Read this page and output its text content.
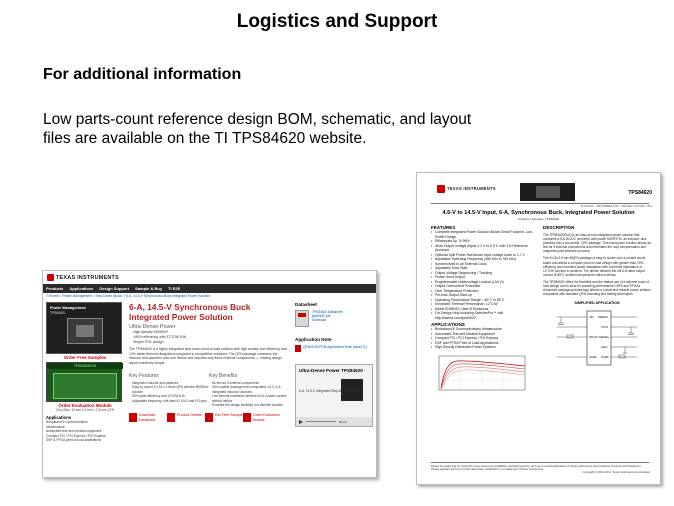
Logistics and Support
For additional information
Low parts-count reference design BOM, schematic, and layout files are available on the TI TPS84620 website.
TEXAS INSTRUMENTS
Products Applications Design Support Sample & Buy TI E2E
TI Home > Power Management > Step-Down (Buck) > 6-A, 14.5-V Synchronous Buck Integrated Power Solution
Power Management
TPS84620
Order Free Samples
TPS84620EVM
Order Evaluation Module
Chip Size: 15 mm x 9 mm x 2.8 mm QFN
Applications
Broadband & Communication
Infrastructure
Automated test and medical equipment
Compact PCI / PCI Express / PXI Express
DSP & FPGA point-of-load applications
6-A, 14.5-V Synchronous Buck Integrated Power Solution
Ultra-Dense Power
High density 900W/in³
>90% efficiency with 12°C/W θJA
Simple POL design
The TPS84620 is a highly integrated step-down point-of-load solution with high density and efficiency and 12% better thermal dissipation compared to competitive solutions. The QFN package combines the inductor and passives onto one device and requires only three external components — making design layout extremely simple.
Key Features
Integrated inductor and passives
Easy-to-mount 9 x 15 x 2.8mm QFN delivers 900W/in³ solution
93% peak efficiency and 12°C/W θJA
Adjustable frequency, soft start & UVLO and PG pins
Key Benefits
As few as 3 external components
40% smaller package than competitive 12-V, 6-A integrated inductor solutions
Low thermal resistance delivers full 6-A rated current without airflow
Provides the design flexibility of a discrete solution
Download Datasheet
Product Details	Get Free Sample	Order Evaluation Module
Datasheet
TPS84620 Datasheet
tps84620.pdf
Download
Application Note
QFN/SON PCB Application Note (slua271)
Ultra-Dense Power TPS84620
6-A, 14.5-V Integrated Step-Down Solution
00:00
TEXAS INSTRUMENTS
TPS84620
SLVSA53A – SEPTEMBER 2010 – REVISED JANUARY 2011
4.5-V to 14.5-V Input, 6-A, Synchronous Buck, Integrated Power Solution
Check for Samples: TPS84620
FEATURES
• Complete Integrated Power Solution Allows Small Footprint, Low-Profile Design
• Efficiencies Up To 96%
• Wide-Output Voltage Adjust 1.2 V to 5.5 V, with 1% Reference Accuracy
• Optional Split Power Rail allows Input voltage down to 1.7 V
• Adjustable Switching Frequency (480 kHz to 780 kHz)
• Synchronizes to an External Clock
• Adjustable Slow-Start
• Output Voltage Sequencing / Tracking
• Power Good Output
• Programmable Undervoltage Lockout (UVLO)
• Output Overcurrent Protection
• Over Temperature Protection
• Pre-bias Output Start-up
• Operating Temperature Range: –40°C to 85°C
• Enhanced Thermal Performance: 12°C/W
• Meets EN55022 Class B Emissions
• For Design Help including SwitcherPro™ visit http://www.ti.com/tps84620
APPLICATIONS
• Broadband & Communications Infrastructure
• Automated Test and Medical Equipment
• Compact PCI / PCI Express / PXI Express
• DSP and FPGA Point of Load Applications
• High Density Distributed Power Systems
DESCRIPTION
The TPS84620RUQ is an easy-to-use integrated power solution that combines a 6-A DC/DC converter with power MOSFETs, an inductor, and passives into a low profile, QFN package. This total power solution allows as few as 3 external components and eliminates the loop compensation and magnetics part selection process.
The 9×15×2.8 mm BQFN package is easy to solder onto a printed circuit board and allows a compact point-of-load design with greater than 90% efficiency and excellent power dissipation with a thermal impedance of 12°C/W junction to ambient. The device delivers the full 6-A rated output current at 85°C ambient temperature without airflow.
The TPS84620 offers the flexibility and the feature-set of a discrete point-of-load design and is ideal for powering performance DSPs and FPGAs. Advanced packaging technology affords a robust and reliable power solution compatible with standard QFN mounting and testing techniques.
SIMPLIFIED APPLICATION
VIN PWRGD
VOUT
SENSE+
VADJ
RT/CLK
AGND PGND
Please be aware that an important notice concerning availability, standard warranty, and use in critical applications of Texas Instruments semiconductor products and disclaimers thereto appears at the end of this data sheet. SwitcherPro is a trademark of Texas Instruments.
Copyright © 2010–2011, Texas Instruments Incorporated
